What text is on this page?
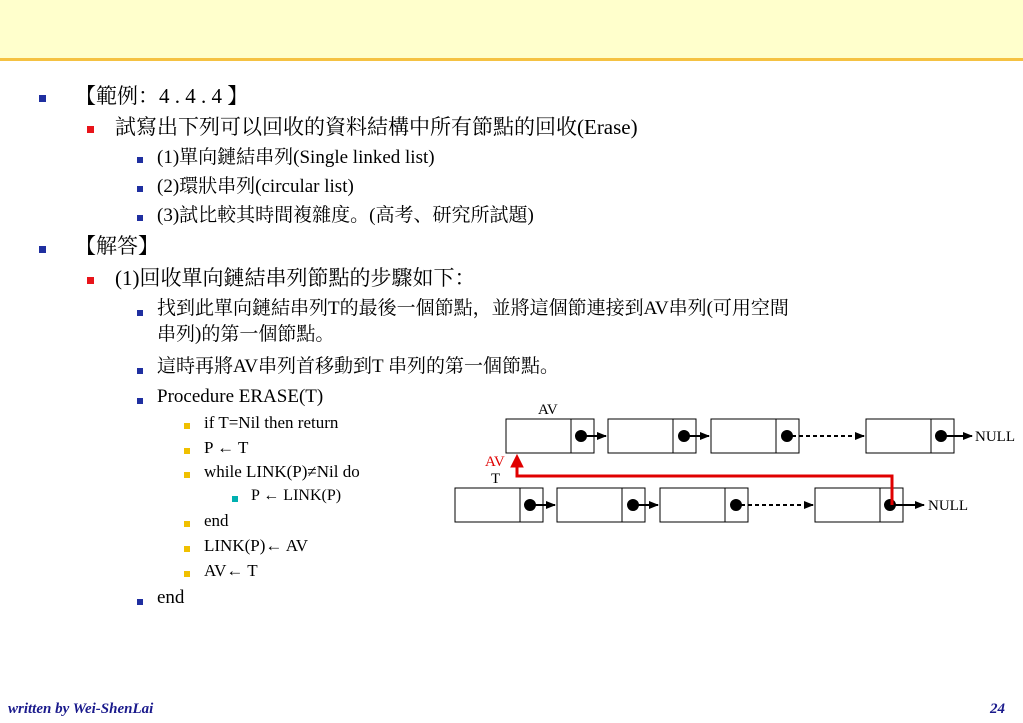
【範例：4 . 4 . 4 】
試寫出下列可以回收的資料結構中所有節點的回收(Erase)
(1)單向鏈結串列(Single linked list)
(2)環狀串列(circular list)
(3)試比較其時間複雜度。(高考、研究所試題)
【解答】
(1)回收單向鏈結串列節點的步驟如下：
找到此單向鏈結串列T的最後一個節點，並將這個節連接到AV串列(可用空間
串列)的第一個節點。
這時再將AV串列首移動到T 串列的第一個節點。
Procedure ERASE(T)
if T=Nil then return
P ← T
while LINK(P)≠Nil do
P ← LINK(P)
end
LINK(P)← AV
AV← T
end
AV
NULL
AV
T
NULL
written by Wei-ShenLai	24
